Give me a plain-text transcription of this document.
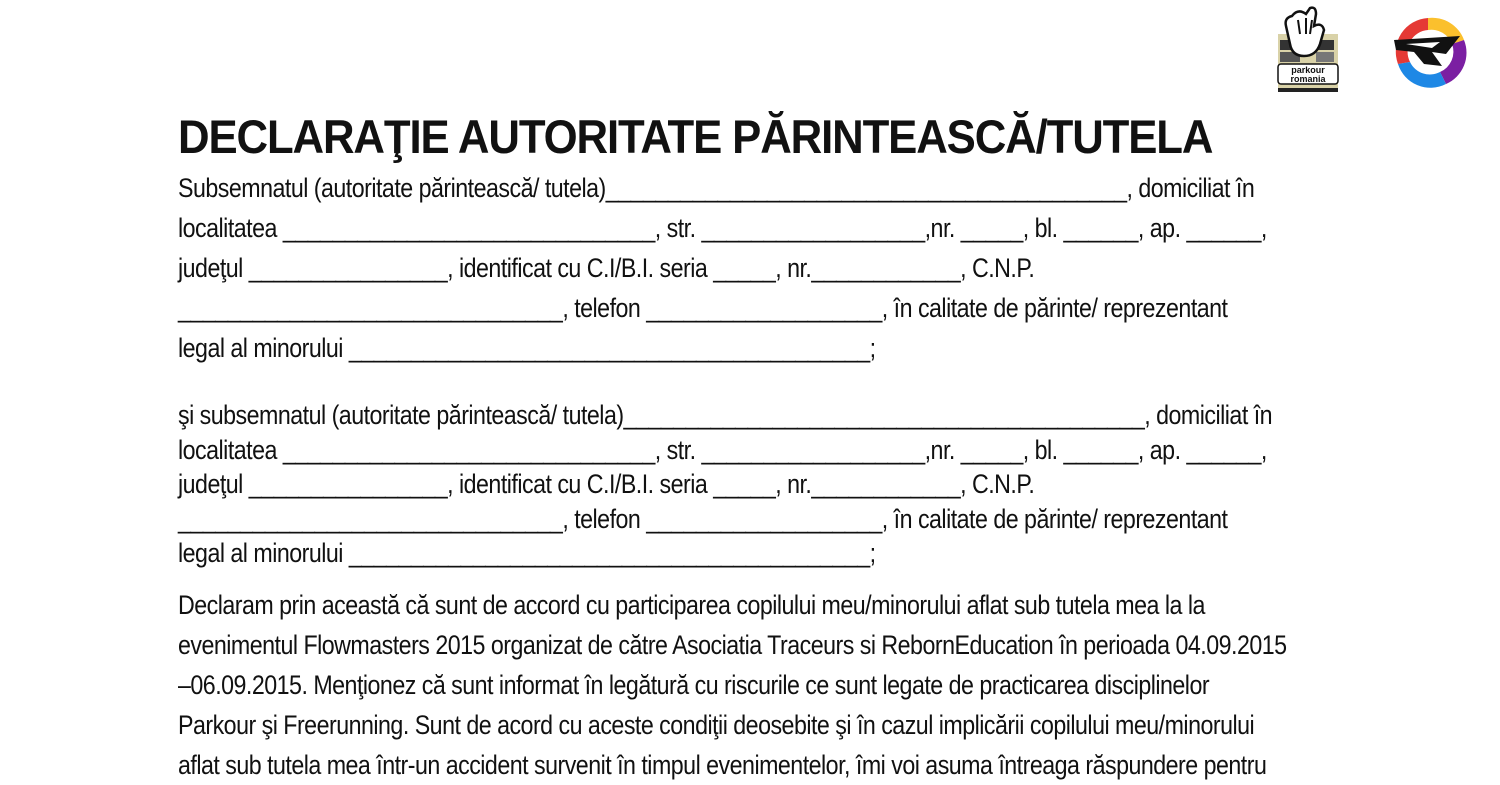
parkour
romania
DECLARAŢIE AUTORITATE PĂRINTEASCĂ/TUTELA
Subsemnatul (autoritate părintească/ tutela)__________________________________________, domiciliat în
localitatea ______________________________, str. __________________,nr. _____, bl. ______, ap. ______,
judeţul ________________, identificat cu C.I/B.I. seria _____, nr.____________, C.N.P.
_______________________________, telefon ___________________, în calitate de părinte/ reprezentant
legal al minorului __________________________________________;
şi subsemnatul (autoritate părintească/ tutela)__________________________________________, domiciliat în
localitatea ______________________________, str. __________________,nr. _____, bl. ______, ap. ______,
judeţul ________________, identificat cu C.I/B.I. seria _____, nr.____________, C.N.P.
_______________________________, telefon ___________________, în calitate de părinte/ reprezentant
legal al minorului __________________________________________;
Declaram prin această că sunt de accord cu participarea copilului meu/minorului aflat sub tutela mea la la
evenimentul Flowmasters 2015 organizat de către Asociatia Traceurs si RebornEducation în perioada 04.09.2015
–06.09.2015. Menţionez că sunt informat în legătură cu riscurile ce sunt legate de practicarea disciplinelor
Parkour şi Freerunning. Sunt de acord cu aceste condiţii deosebite şi în cazul implicării copilului meu/minorului
aflat sub tutela mea într-un accident survenit în timpul evenimentelor, îmi voi asuma întreaga răspundere pentru
